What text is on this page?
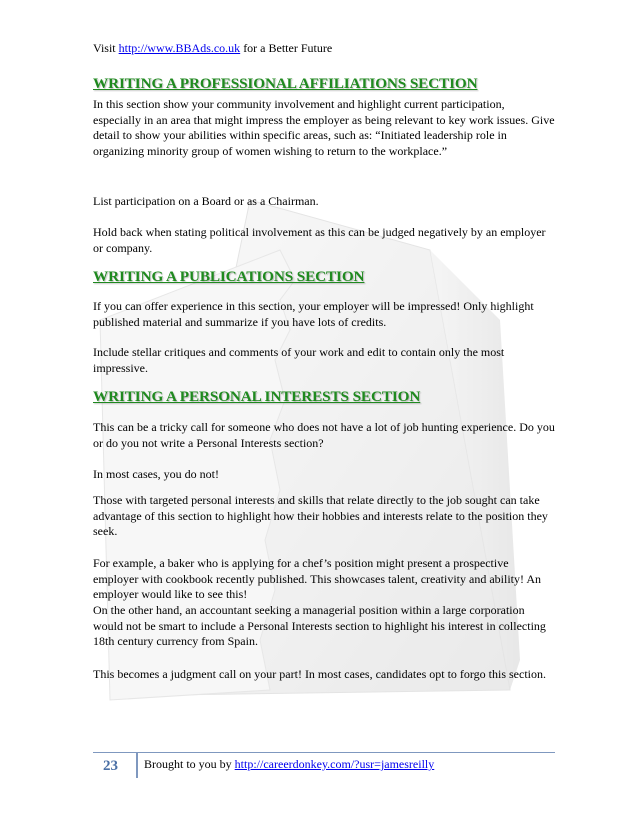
Visit http://www.BBAds.co.uk for a Better Future
WRITING A PROFESSIONAL AFFILIATIONS SECTION
In this section show your community involvement and highlight current participation, especially in an area that might impress the employer as being relevant to key work issues. Give detail to show your abilities within specific areas, such as: “Initiated leadership role in organizing minority group of women wishing to return to the workplace.”
List participation on a Board or as a Chairman.
Hold back when stating political involvement as this can be judged negatively by an employer or company.
WRITING A PUBLICATIONS SECTION
If you can offer experience in this section, your employer will be impressed! Only highlight published material and summarize if you have lots of credits.
Include stellar critiques and comments of your work and edit to contain only the most impressive.
WRITING A PERSONAL INTERESTS SECTION
This can be a tricky call for someone who does not have a lot of job hunting experience. Do you or do you not write a Personal Interests section?
In most cases, you do not!
Those with targeted personal interests and skills that relate directly to the job sought can take advantage of this section to highlight how their hobbies and interests relate to the position they seek.
For example, a baker who is applying for a chef’s position might present a prospective employer with cookbook recently published. This showcases talent, creativity and ability! An employer would like to see this!
On the other hand, an accountant seeking a managerial position within a large corporation would not be smart to include a Personal Interests section to highlight his interest in collecting 18th century currency from Spain.
This becomes a judgment call on your part! In most cases, candidates opt to forgo this section.
23	Brought to you by http://careerdonkey.com/?usr=jamesreilly
